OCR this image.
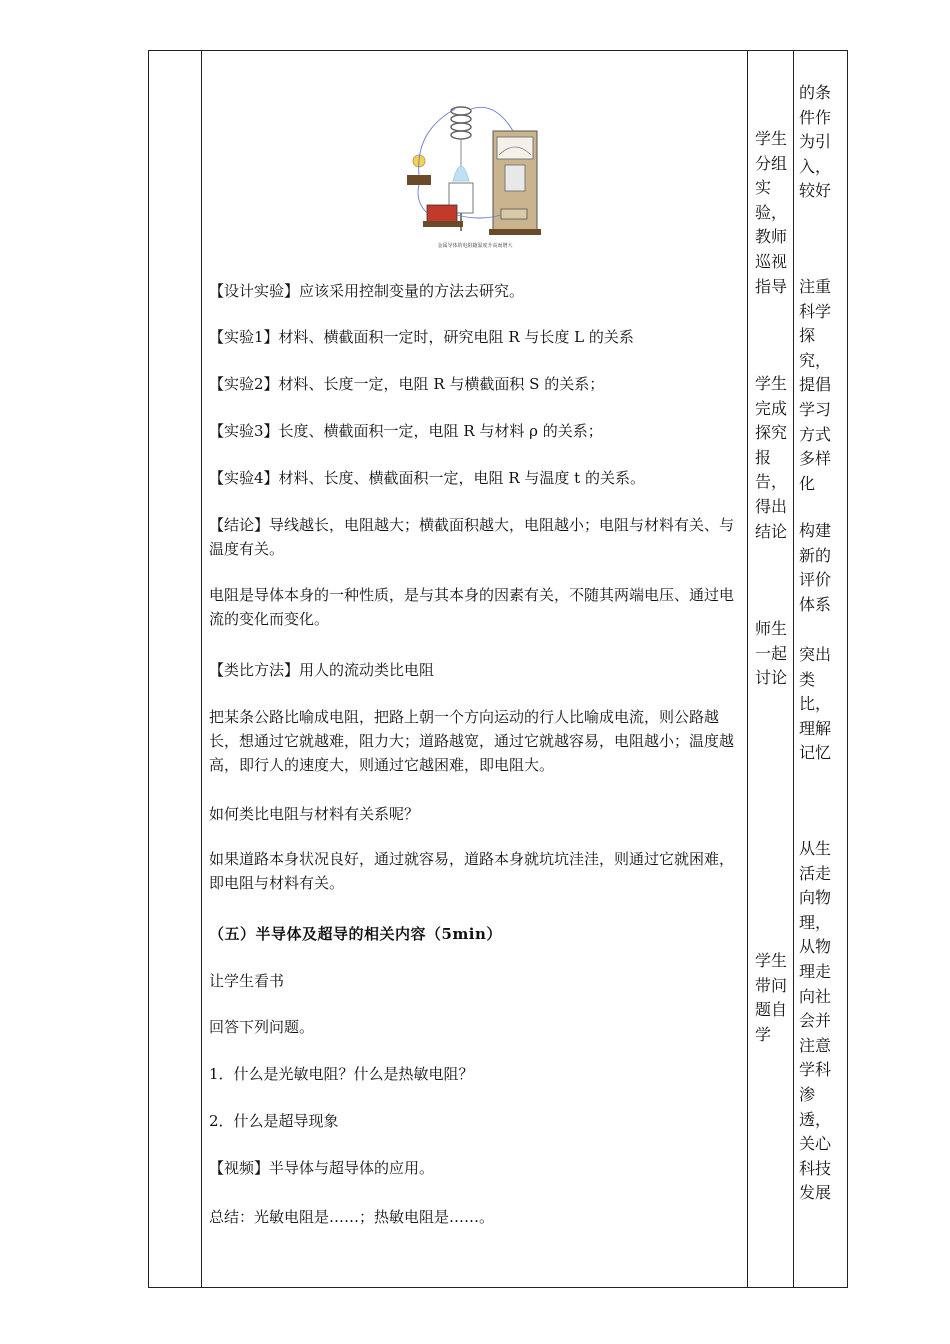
金属导体的电阻随温度升高而增大

【设计实验】应该采用控制变量的方法去研究。

【实验1】材料、横截面积一定时，研究电阻 R 与长度 L 的关系

【实验2】材料、长度一定，电阻 R 与横截面积 S 的关系；

【实验3】长度、横截面积一定，电阻 R 与材料 ρ 的关系；

【实验4】材料、长度、横截面积一定，电阻 R 与温度 t 的关系。

【结论】导线越长，电阻越大；横截面积越大，电阻越小；电阻与材料有关、与温度有关。

电阻是导体本身的一种性质，是与其本身的因素有关，不随其两端电压、通过电流的变化而变化。

【类比方法】用人的流动类比电阻

把某条公路比喻成电阻，把路上朝一个方向运动的行人比喻成电流，则公路越长，想通过它就越难，阻力大；道路越宽，通过它就越容易，电阻越小；温度越高，即行人的速度大，则通过它越困难，即电阻大。

如何类比电阻与材料有关系呢？

如果道路本身状况良好，通过就容易，道路本身就坑坑洼洼，则通过它就困难，即电阻与材料有关。

（五）半导体及超导的相关内容（5min）

让学生看书

回答下列问题。

1．什么是光敏电阻？什么是热敏电阻？

2．什么是超导现象

【视频】半导体与超导体的应用。

总结：光敏电阻是……；热敏电阻是……。

学生
分组
实
验，
教师
巡视
指导
学生
完成
探究
报
告，
得出
结论
师生
一起
讨论
学生
带问
题自
学
的条
件作
为引
入，
较好
注重
科学
探
究，
提倡
学习
方式
多样
化
构建
新的
评价
体系
突出
类
比，
理解
记忆
从生
活走
向物
理，
从物
理走
向社
会并
注意
学科
渗
透，
关心
科技
发展
